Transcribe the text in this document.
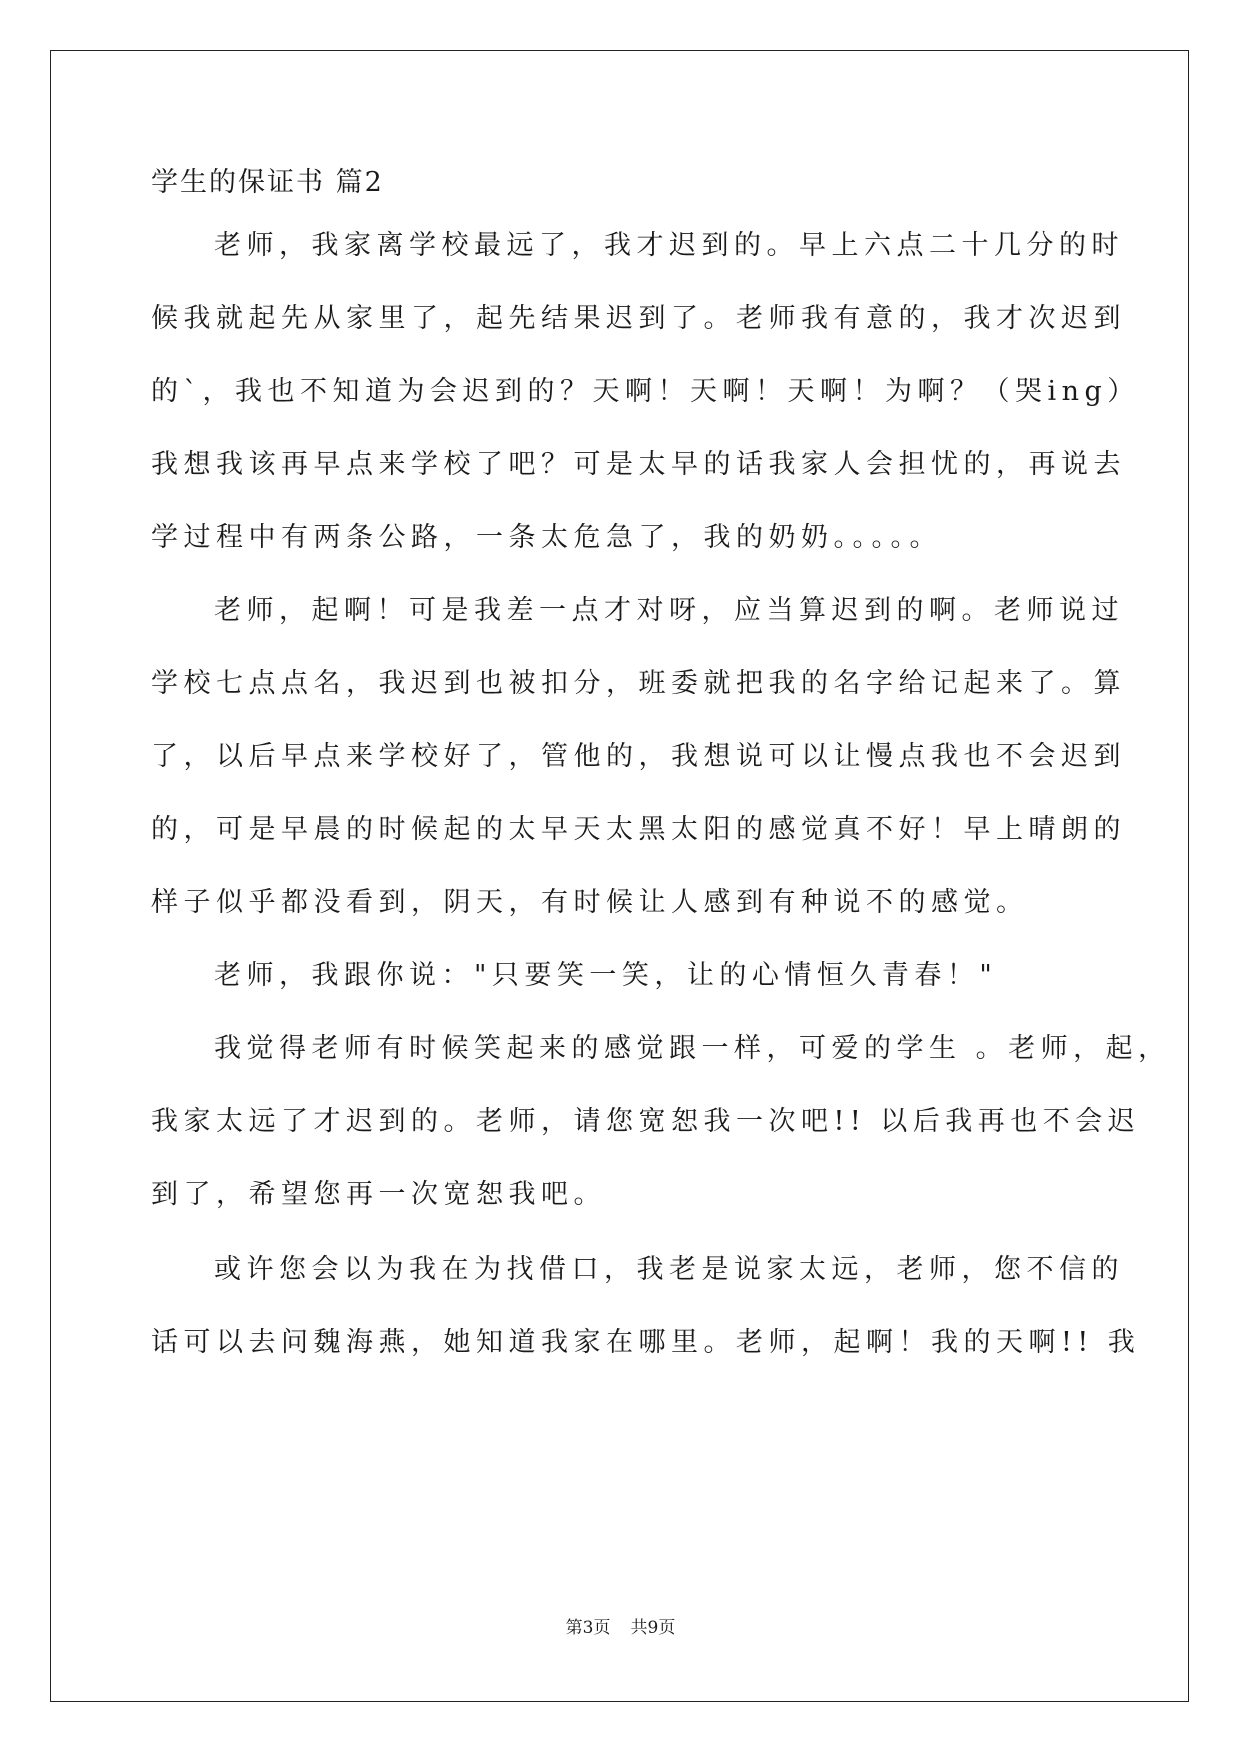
学生的保证书 篇2
老师，我家离学校最远了，我才迟到的。早上六点二十几分的时
候我就起先从家里了，起先结果迟到了。老师我有意的，我才次迟到
的`，我也不知道为会迟到的？天啊！天啊！天啊！为啊？（哭ing）
我想我该再早点来学校了吧？可是太早的话我家人会担忧的，再说去
学过程中有两条公路，一条太危急了，我的奶奶。。。。。
老师，起啊！可是我差一点才对呀，应当算迟到的啊。老师说过
学校七点点名，我迟到也被扣分，班委就把我的名字给记起来了。算
了，以后早点来学校好了，管他的，我想说可以让慢点我也不会迟到
的，可是早晨的时候起的太早天太黑太阳的感觉真不好！早上晴朗的
样子似乎都没看到，阴天，有时候让人感到有种说不的感觉。
老师，我跟你说："只要笑一笑，让的心情恒久青春！"
我觉得老师有时候笑起来的感觉跟一样，可爱的学生 。老师，起，
我家太远了才迟到的。老师，请您宽恕我一次吧!! 以后我再也不会迟
到了，希望您再一次宽恕我吧。
或许您会以为我在为找借口，我老是说家太远，老师，您不信的
话可以去问魏海燕，她知道我家在哪里。老师，起啊！我的天啊!! 我
第3页 共9页
